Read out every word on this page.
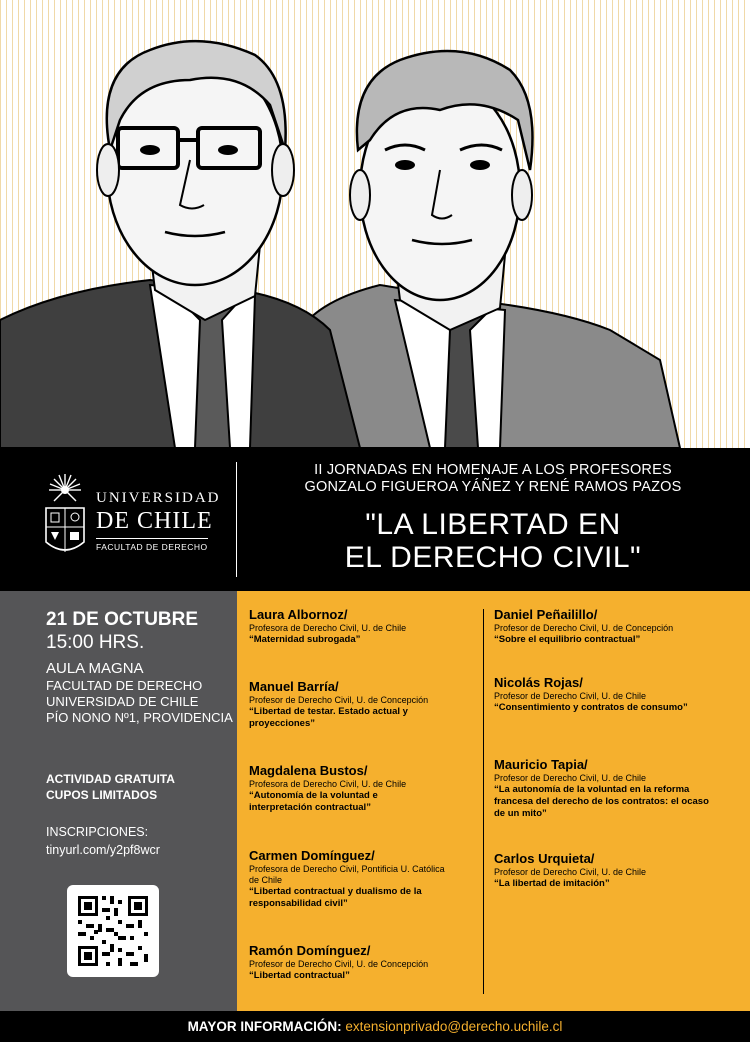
UNIVERSIDAD
DE CHILE
FACULTAD DE DERECHO
II JORNADAS EN HOMENAJE A LOS PROFESORES
GONZALO FIGUEROA YÁÑEZ Y RENÉ RAMOS PAZOS
"LA LIBERTAD EN
EL DERECHO CIVIL"
21 DE OCTUBRE
15:00 HRS.
AULA MAGNA
FACULTAD DE DERECHO
UNIVERSIDAD DE CHILE
PÍO NONO Nº1, PROVIDENCIA
ACTIVIDAD GRATUITA
CUPOS LIMITADOS
INSCRIPCIONES:
tinyurl.com/y2pf8wcr
Laura Albornoz/
Profesora de Derecho Civil, U. de Chile
“Maternidad subrogada”
Manuel Barría/
Profesor de Derecho Civil, U. de Concepción
“Libertad de testar. Estado actual y proyecciones”
Magdalena Bustos/
Profesora de Derecho Civil, U. de Chile
“Autonomía de la voluntad e interpretación contractual”
Carmen Domínguez/
Profesora de Derecho Civil, Pontificia U. Católica de Chile
“Libertad contractual y dualismo de la responsabilidad civil”
Ramón Domínguez/
Profesor de Derecho Civil, U. de Concepción
“Libertad contractual”
Daniel Peñailillo/
Profesor de Derecho Civil, U. de Concepción
“Sobre el equilibrio contractual”
Nicolás Rojas/
Profesor de Derecho Civil, U. de Chile
“Consentimiento y contratos de consumo”
Mauricio Tapia/
Profesor de Derecho Civil, U. de Chile
“La autonomía de la voluntad en la reforma francesa del derecho de los contratos: el ocaso de un mito”
Carlos Urquieta/
Profesor de Derecho Civil, U. de Chile
“La libertad de imitación”
MAYOR INFORMACIÓN: extensionprivado@derecho.uchile.cl
